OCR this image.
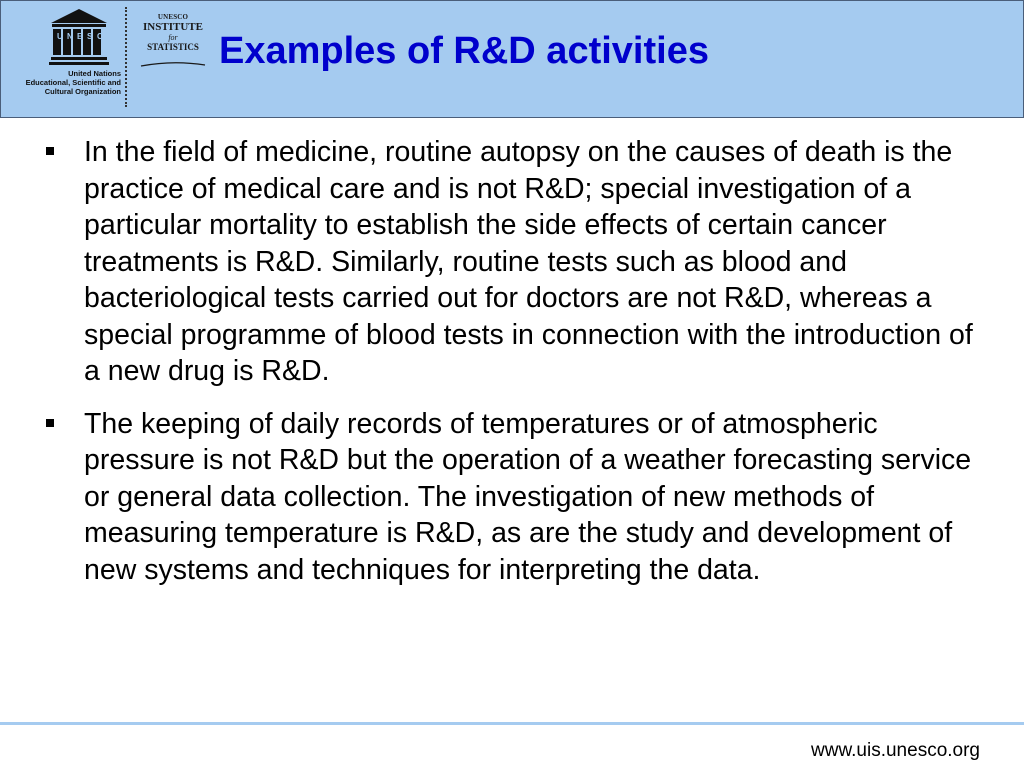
U N E S C
United Nations
Educational, Scientific and
Cultural Organization
UNESCO
INSTITUTE
for
STATISTICS Examples of R&D activities
In the field of medicine, routine autopsy on the causes of death is the practice of medical care and is not R&D; special investigation of a particular mortality to establish the side effects of certain cancer treatments is R&D. Similarly, routine tests such as blood and bacteriological tests carried out for doctors are not R&D, whereas a special programme of blood tests in connection with the introduction of a new drug is R&D.
The keeping of daily records of temperatures or of atmospheric pressure is not R&D but the operation of a weather forecasting service or general data collection. The investigation of new methods of measuring temperature is R&D, as are the study and development of new systems and techniques for interpreting the data.
www.uis.unesco.org
